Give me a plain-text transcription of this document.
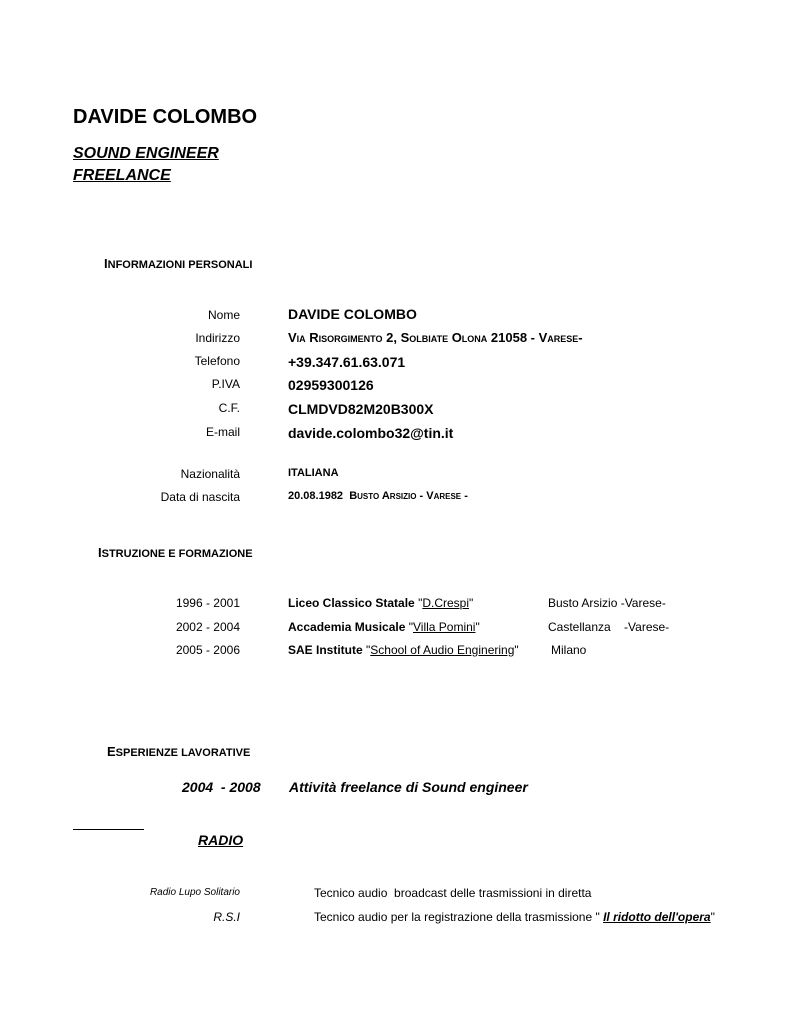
DAVIDE COLOMBO
SOUND ENGINEER
FREELANCE
INFORMAZIONI PERSONALI
Nome	DAVIDE COLOMBO
Indirizzo	Via Risorgimento 2, Solbiate Olona 21058 - Varese-
Telefono	+39.347.61.63.071
P.IVA	02959300126
C.F.	CLMDVD82M20B300X
E-mail	davide.colombo32@tin.it
Nazionalità	ITALIANA
Data di nascita	20.08.1982 Busto Arsizio - Varese -
ISTRUZIONE E FORMAZIONE
1996 - 2001	Liceo Classico Statale "D.Crespi"	Busto Arsizio -Varese-
2002 - 2004	Accademia Musicale "Villa Pomini"	Castellanza    -Varese-
2005 - 2006	SAE Institute "School of Audio Enginering"	Milano
ESPERIENZE LAVORATIVE
2004  - 2008 Attività freelance di Sound engineer
RADIO
Radio Lupo Solitario	Tecnico audio  broadcast delle trasmissioni in diretta
R.S.I	Tecnico audio per la registrazione della trasmissione " Il ridotto dell'opera"
